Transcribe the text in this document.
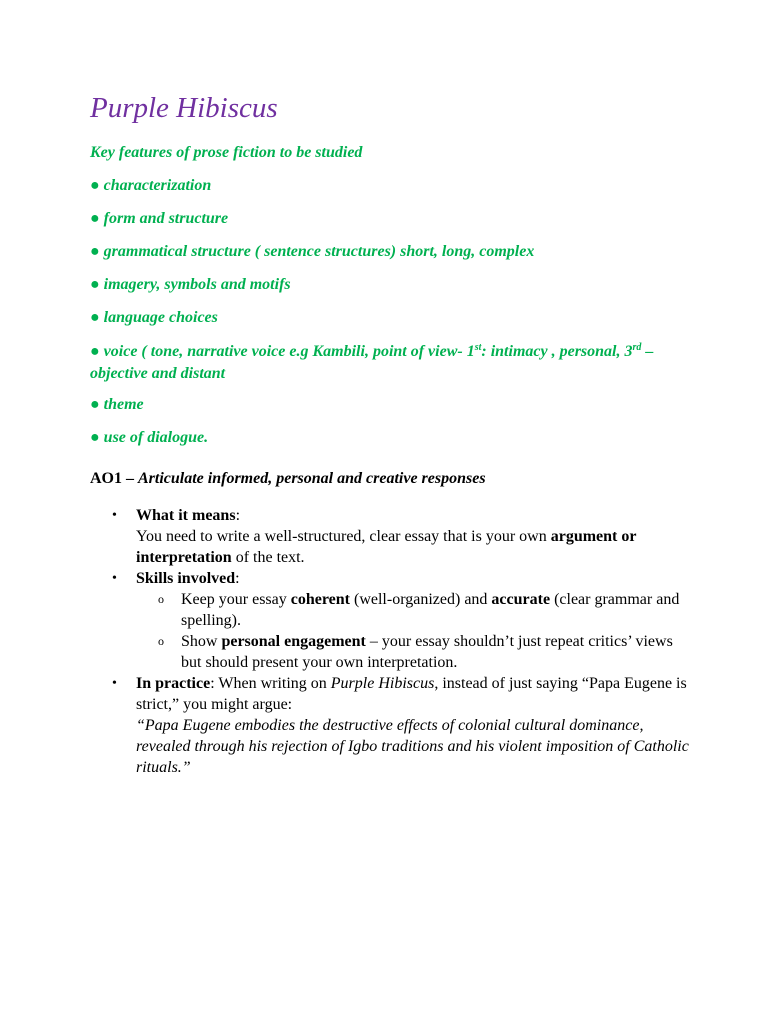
Purple Hibiscus
Key features of prose fiction to be studied
● characterization
● form and structure
● grammatical structure ( sentence structures) short, long, complex
● imagery, symbols and motifs
● language choices
● voice ( tone, narrative voice e.g Kambili, point of view- 1st: intimacy , personal, 3rd – objective and distant
● theme
● use of dialogue.
AO1 – Articulate informed, personal and creative responses
• What it means:
You need to write a well-structured, clear essay that is your own argument or interpretation of the text.
• Skills involved:
o Keep your essay coherent (well-organized) and accurate (clear grammar and spelling).
o Show personal engagement – your essay shouldn’t just repeat critics’ views but should present your own interpretation.
• In practice: When writing on Purple Hibiscus, instead of just saying “Papa Eugene is strict,” you might argue:
“Papa Eugene embodies the destructive effects of colonial cultural dominance, revealed through his rejection of Igbo traditions and his violent imposition of Catholic rituals.”
